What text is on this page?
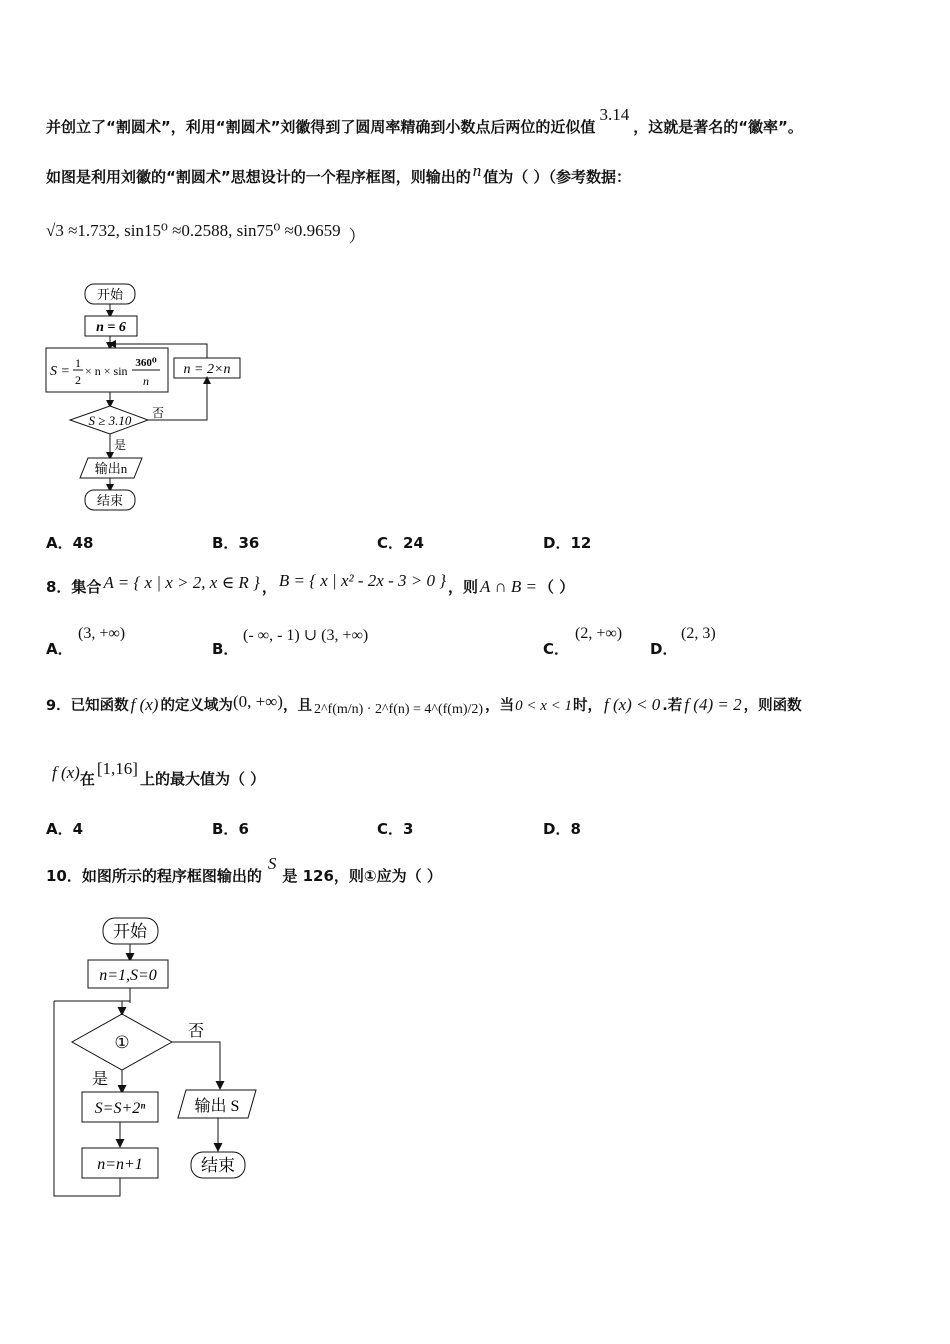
并创立了“割圆术”，利用“割圆术”刘徽得到了圆周率精确到小数点后两位的近似值3.14，这就是著名的“徽率”。
如图是利用刘徽的“割圆术”思想设计的一个程序框图，则输出的 n 值为（ ）（参考数据：
√3 ≈1.732, sin15⁰ ≈0.2588, sin75⁰ ≈0.9659 ）
开始
n = 6
S =
1
2
× n × sin
360⁰
n
n = 2×n
S ≥ 3.10 否
是
输出n
结束
A．48	B．36	C．24	D．12
8．集合 A = { x | x > 2, x ∈ R } ， B = { x | x² - 2x - 3 > 0 } ，则 A ∩ B = （ ）
A．
(3, +∞)
B．
(- ∞, - 1) ∪ (3, +∞)
C．
(2, +∞)
D．
(2, 3)
9．已知函数 f (x) 的定义域为(0, +∞)，且 2^f(m/n) · 2^f(n) = 4^(f(m)/2) ，当0 < x < 1时， f (x) < 0 .若 f (4) = 2 ，则函数
f (x)在[1,16]上的最大值为（ ）
A．4	B．6	C．3	D．8
10．如图所示的程序框图输出的S是 126，则①应为（ ）
开始
n=1,S=0
①
否
输出 S
结束
是
S=S+2ⁿ
n=n+1
